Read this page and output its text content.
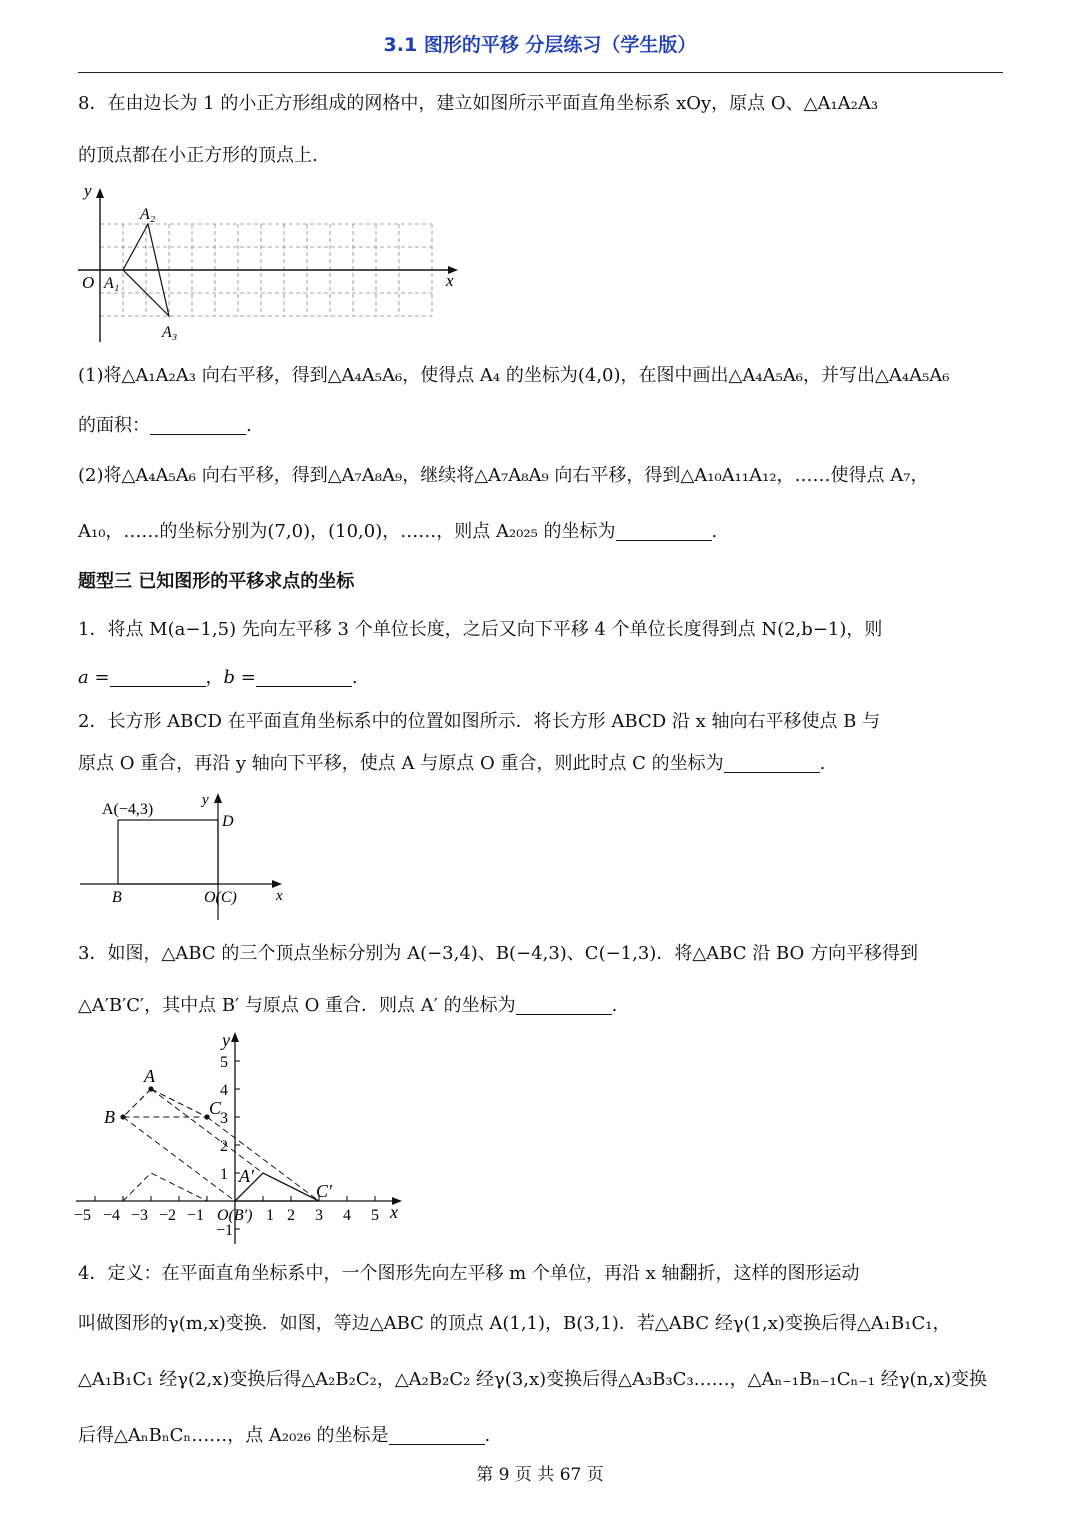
3.1 图形的平移 分层练习（学生版）
8．在由边长为 1 的小正方形组成的网格中，建立如图所示平面直角坐标系 xOy，原点 O、△A₁A₂A₃
的顶点都在小正方形的顶点上.
y
x
O A₁
A₂
A₃
(1)将△A₁A₂A₃ 向右平移，得到△A₄A₅A₆，使得点 A₄ 的坐标为(4,0)，在图中画出△A₄A₅A₆，并写出△A₄A₅A₆
的面积：	.
(2)将△A₄A₅A₆ 向右平移，得到△A₇A₈A₉，继续将△A₇A₈A₉ 向右平移，得到△A₁₀A₁₁A₁₂，……使得点 A₇，
A₁₀，……的坐标分别为(7,0)，(10,0)，……，则点 A₂₀₂₅ 的坐标为	.
题型三 已知图形的平移求点的坐标
1．将点 M(a−1,5) 先向左平移 3 个单位长度，之后又向下平移 4 个单位长度得到点 N(2,b−1)，则
a =	，b =	.
2．长方形 ABCD 在平面直角坐标系中的位置如图所示．将长方形 ABCD 沿 x 轴向右平移使点 B 与
原点 O 重合，再沿 y 轴向下平移，使点 A 与原点 O 重合，则此时点 C 的坐标为	.
A(−4,3)
D
B	O(C)	x
y
3．如图，△ABC 的三个顶点坐标分别为 A(−3,4)、B(−4,3)、C(−1,3)．将△ABC 沿 BO 方向平移得到
△A′B′C′，其中点 B′ 与原点 O 重合．则点 A′ 的坐标为	.
−5 −4 −3 −2 −1	1 2 3 4 5
5
4
3
2
1
−1
A
B	C
A′
C′
O(B′)	x
y
4．定义：在平面直角坐标系中，一个图形先向左平移 m 个单位，再沿 x 轴翻折，这样的图形运动
叫做图形的γ(m,x)变换．如图，等边△ABC 的顶点 A(1,1)，B(3,1)．若△ABC 经γ(1,x)变换后得△A₁B₁C₁，
△A₁B₁C₁ 经γ(2,x)变换后得△A₂B₂C₂，△A₂B₂C₂ 经γ(3,x)变换后得△A₃B₃C₃……，△Aₙ₋₁Bₙ₋₁Cₙ₋₁ 经γ(n,x)变换
后得△AₙBₙCₙ……，点 A₂₀₂₆ 的坐标是	.
第 9 页 共 67 页
